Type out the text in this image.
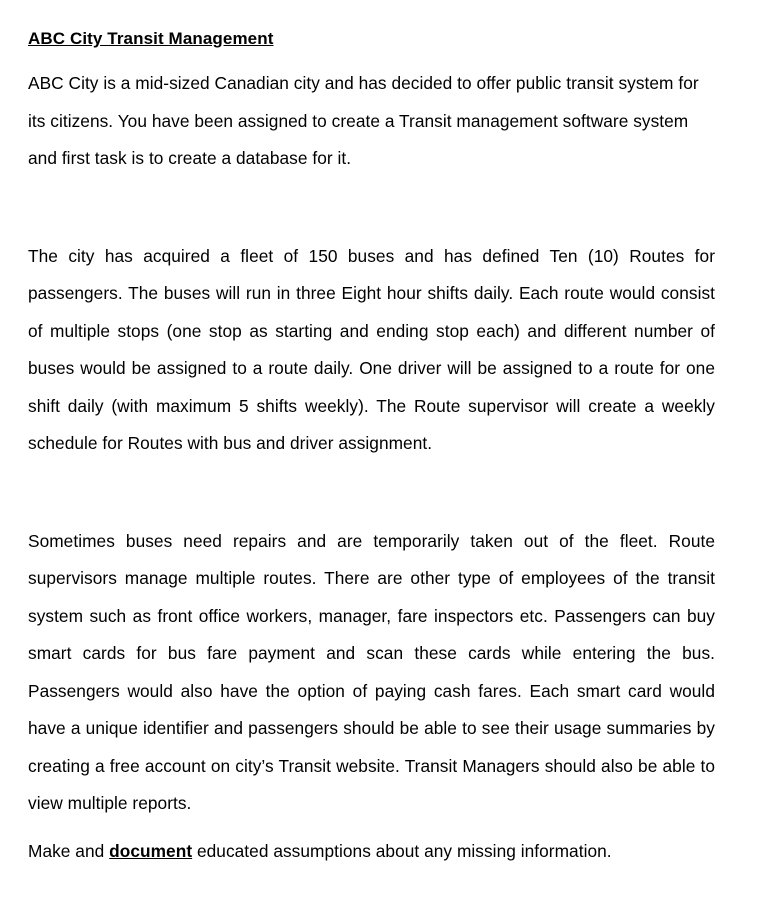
ABC City Transit Management

ABC City is a mid-sized Canadian city and has decided to offer public transit system for its citizens. You have been assigned to create a Transit management software system and first task is to create a database for it.

The city has acquired a fleet of 150 buses and has defined Ten (10) Routes for passengers. The buses will run in three Eight hour shifts daily. Each route would consist of multiple stops (one stop as starting and ending stop each) and different number of buses would be assigned to a route daily. One driver will be assigned to a route for one shift daily (with maximum 5 shifts weekly). The Route supervisor will create a weekly schedule for Routes with bus and driver assignment.

Sometimes buses need repairs and are temporarily taken out of the fleet. Route supervisors manage multiple routes. There are other type of employees of the transit system such as front office workers, manager, fare inspectors etc. Passengers can buy smart cards for bus fare payment and scan these cards while entering the bus. Passengers would also have the option of paying cash fares. Each smart card would have a unique identifier and passengers should be able to see their usage summaries by creating a free account on city’s Transit website. Transit Managers should also be able to view multiple reports.

Make and document educated assumptions about any missing information.
